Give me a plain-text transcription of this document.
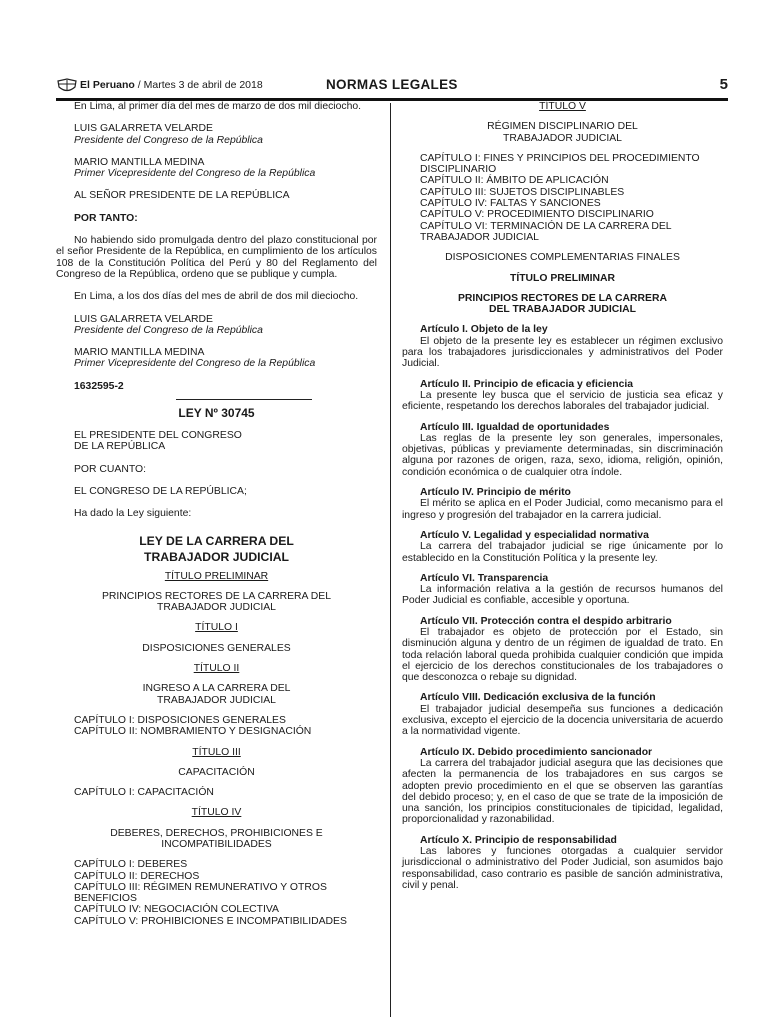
El Peruano / Martes 3 de abril de 2018	NORMAS LEGALES	5

En Lima, al primer día del mes de marzo de dos mil dieciocho.

LUIS GALARRETA VELARDE

Presidente del Congreso de la República

MARIO MANTILLA MEDINA

Primer Vicepresidente del Congreso de la República

AL SEÑOR PRESIDENTE DE LA REPÚBLICA

POR TANTO:

No habiendo sido promulgada dentro del plazo constitucional por el señor Presidente de la República, en cumplimiento de los artículos 108 de la Constitución Política del Perú y 80 del Reglamento del Congreso de la República, ordeno que se publique y cumpla.

En Lima, a los dos días del mes de abril de dos mil dieciocho.

LUIS GALARRETA VELARDE

Presidente del Congreso de la República

MARIO MANTILLA MEDINA

Primer Vicepresidente del Congreso de la República

1632595-2

LEY Nº 30745

EL PRESIDENTE DEL CONGRESO

DE LA REPÚBLICA

POR CUANTO:

EL CONGRESO DE LA REPÚBLICA;

Ha dado la Ley siguiente:

LEY DE LA CARRERA DEL

TRABAJADOR JUDICIAL

TÍTULO PRELIMINAR

PRINCIPIOS RECTORES DE LA CARRERA DEL TRABAJADOR JUDICIAL

TÍTULO I

DISPOSICIONES GENERALES

TÍTULO II

INGRESO A LA CARRERA DEL TRABAJADOR JUDICIAL

CAPÍTULO I: DISPOSICIONES GENERALES

CAPÍTULO II: NOMBRAMIENTO Y DESIGNACIÓN

TÍTULO III

CAPACITACIÓN

CAPÍTULO I: CAPACITACIÓN

TÍTULO IV

DEBERES, DERECHOS, PROHIBICIONES E INCOMPATIBILIDADES

CAPÍTULO I: DEBERES

CAPÍTULO II: DERECHOS

CAPÍTULO III: RÉGIMEN REMUNERATIVO Y OTROS BENEFICIOS

CAPÍTULO IV: NEGOCIACIÓN COLECTIVA

CAPÍTULO V: PROHIBICIONES E INCOMPATIBILIDADES

TÍTULO V

RÉGIMEN DISCIPLINARIO DEL TRABAJADOR JUDICIAL

CAPÍTULO I: FINES Y PRINCIPIOS DEL PROCEDIMIENTO DISCIPLINARIO

CAPÍTULO II: ÁMBITO DE APLICACIÓN

CAPÍTULO III: SUJETOS DISCIPLINABLES

CAPÍTULO IV: FALTAS Y SANCIONES

CAPÍTULO V: PROCEDIMIENTO DISCIPLINARIO

CAPÍTULO VI: TERMINACIÓN DE LA CARRERA DEL TRABAJADOR JUDICIAL

DISPOSICIONES COMPLEMENTARIAS FINALES

TÍTULO PRELIMINAR

PRINCIPIOS RECTORES DE LA CARRERA

DEL TRABAJADOR JUDICIAL

Artículo I. Objeto de la ley

El objeto de la presente ley es establecer un régimen exclusivo para los trabajadores jurisdiccionales y administrativos del Poder Judicial.

Artículo II. Principio de eficacia y eficiencia

La presente ley busca que el servicio de justicia sea eficaz y eficiente, respetando los derechos laborales del trabajador judicial.

Artículo III. Igualdad de oportunidades

Las reglas de la presente ley son generales, impersonales, objetivas, públicas y previamente determinadas, sin discriminación alguna por razones de origen, raza, sexo, idioma, religión, opinión, condición económica o de cualquier otra índole.

Artículo IV. Principio de mérito

El mérito se aplica en el Poder Judicial, como mecanismo para el ingreso y progresión del trabajador en la carrera judicial.

Artículo V. Legalidad y especialidad normativa

La carrera del trabajador judicial se rige únicamente por lo establecido en la Constitución Política y la presente ley.

Artículo VI. Transparencia

La información relativa a la gestión de recursos humanos del Poder Judicial es confiable, accesible y oportuna.

Artículo VII. Protección contra el despido arbitrario

El trabajador es objeto de protección por el Estado, sin disminución alguna y dentro de un régimen de igualdad de trato. En toda relación laboral queda prohibida cualquier condición que impida el ejercicio de los derechos constitucionales de los trabajadores o que desconozca o rebaje su dignidad.

Artículo VIII. Dedicación exclusiva de la función

El trabajador judicial desempeña sus funciones a dedicación exclusiva, excepto el ejercicio de la docencia universitaria de acuerdo a la normatividad vigente.

Artículo IX. Debido procedimiento sancionador

La carrera del trabajador judicial asegura que las decisiones que afecten la permanencia de los trabajadores en sus cargos se adopten previo procedimiento en el que se observen las garantías del debido proceso; y, en el caso de que se trate de la imposición de una sanción, los principios constitucionales de tipicidad, legalidad, proporcionalidad y razonabilidad.

Artículo X. Principio de responsabilidad

Las labores y funciones otorgadas a cualquier servidor jurisdiccional o administrativo del Poder Judicial, son asumidos bajo responsabilidad, caso contrario es pasible de sanción administrativa, civil y penal.
